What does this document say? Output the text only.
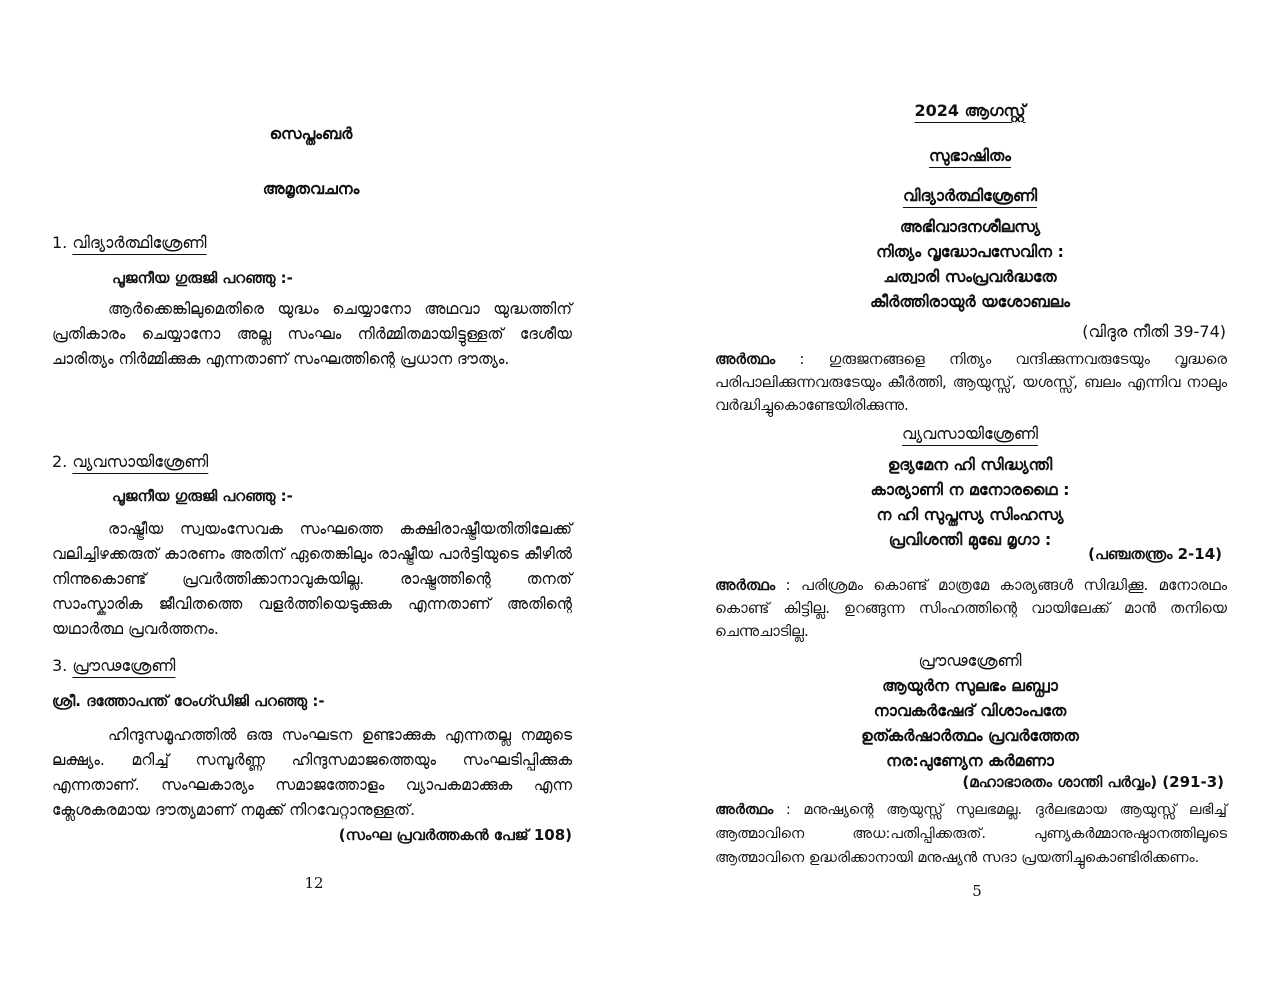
സെപ്തംബർ
അമൃതവചനം
1. വിദ്യാർത്ഥിശ്രേണി
പൂജനീയ ഗുരുജി പറഞ്ഞു :-
ആർക്കെങ്കിലുമെതിരെ യുദ്ധം ചെയ്യാനോ അഥവാ യുദ്ധത്തിന് പ്രതികാരം ചെയ്യാനോ അല്ല സംഘം നിർമ്മിതമായിട്ടുള്ളത് ദേശീയ ചാരിത്യം നിർമ്മിക്കുക എന്നതാണ് സംഘത്തിന്റെ പ്രധാന ദൗത്യം.
2. വ്യവസായിശ്രേണി
പൂജനീയ ഗുരുജി പറഞ്ഞു :-
രാഷ്ട്രീയ സ്വയംസേവക സംഘത്തെ കക്ഷിരാഷ്ട്രീയതിതിലേക്ക് വലിച്ചിഴക്കരുത് കാരണം അതിന് ഏതെങ്കിലും രാഷ്ട്രീയ പാർട്ടിയുടെ കീഴിൽ നിന്നുകൊണ്ട് പ്രവർത്തിക്കാനാവുകയില്ല. രാഷ്ട്രത്തിന്റെ തനത് സാംസ്കാരിക ജീവിതത്തെ വളർത്തിയെടുക്കുക എന്നതാണ് അതിന്റെ യഥാർത്ഥ പ്രവർത്തനം.
3. പ്രൗഢശ്രേണി
ശ്രീ. ദത്തോപന്ത് ഠേംഗ്ഡിജി പറഞ്ഞു :-
ഹിന്ദുസമൂഹത്തിൽ ഒരു സംഘടന ഉണ്ടാക്കുക എന്നതല്ല നമ്മുടെ ലക്ഷ്യം. മറിച്ച് സമ്പൂർണ്ണ ഹിന്ദുസമാജത്തെയും സംഘടിപ്പിക്കുക എന്നതാണ്. സംഘകാര്യം സമാജത്തോളം വ്യാപകമാക്കുക എന്ന ക്ലേശകരമായ ദൗത്യമാണ് നമുക്ക് നിറവേറ്റാനുള്ളത്.
(സംഘ പ്രവർത്തകൻ പേജ് 108)
12
2024 ആഗസ്റ്റ്
സുഭാഷിതം
വിദ്യാർത്ഥിശ്രേണി
അഭിവാദനശീലസ്യ
നിത്യം വൃദ്ധോപസേവിന :
ചത്വാരി സംപ്രവർദ്ധതേ
കീർത്തിരായുർ യശോബലം
(വിദുര നീതി 39-74)
അർത്ഥം : ഗുരുജനങ്ങളെ നിത്യം വന്ദിക്കുന്നവരുടേയും വൃദ്ധരെ പരിപാലിക്കുന്നവരുടേയും കീർത്തി, ആയുസ്സ്, യശസ്സ്, ബലം എന്നിവ നാലും വർദ്ധിച്ചുകൊണ്ടേയിരിക്കുന്നു.
വ്യവസായിശ്രേണി
ഉദ്യമേന ഹി സിദ്ധ്യന്തി
കാര്യാണി ന മനോരഥൈ :
ന ഹി സുപ്തസ്യ സിംഹസ്യ
പ്രവിശന്തി മുഖേ മൃഗാ :
(പഞ്ചതന്ത്രം 2-14)
അർത്ഥം : പരിശ്രമം കൊണ്ട് മാത്രമേ കാര്യങ്ങൾ സിദ്ധിക്കൂ. മനോരഥം കൊണ്ട് കിട്ടില്ല. ഉറങ്ങുന്ന സിംഹത്തിന്റെ വായിലേക്ക് മാൻ തനിയെ ചെന്നുചാടില്ല.
പ്രൗഢശ്രേണി
ആയുർന സുലഭം ലബ്ധ്വാ
നാവകർഷേദ് വിശാംപതേ
ഉത്കർഷാർത്ഥം പ്രവർത്തേത
നര:പുണ്യേന കർമണാ
(മഹാഭാരതം ശാന്തി പർവ്വം) (291-3)
അർത്ഥം : മനുഷ്യന്റെ ആയുസ്സ് സുലഭമല്ല. ദുർലഭമായ ആയുസ്സ് ലഭിച്ച് ആത്മാവിനെ അധ:പതിപ്പിക്കരുത്. പുണ്യകർമ്മാനുഷ്ഠാനത്തിലൂടെ ആത്മാവിനെ ഉദ്ധരിക്കാനായി മനുഷ്യൻ സദാ പ്രയത്നിച്ചുകൊണ്ടിരിക്കണം.
5
